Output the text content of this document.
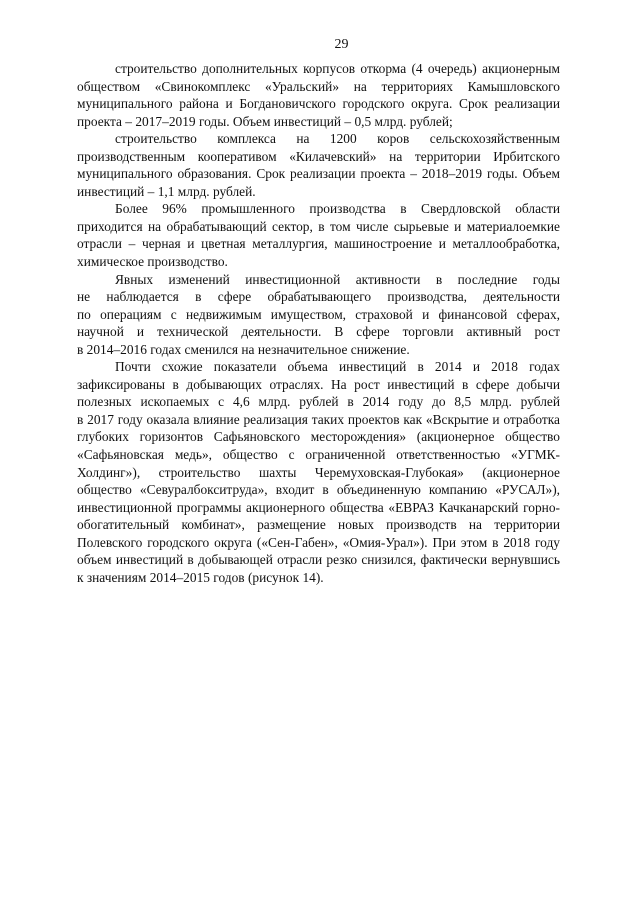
29
строительство дополнительных корпусов откорма (4 очередь) акционерным
обществом «Свинокомплекс «Уральский» на территориях Камышловского
муниципального района и Богдановичского городского округа. Срок реализации
проекта – 2017–2019 годы. Объем инвестиций – 0,5 млрд. рублей;
строительство комплекса на 1200 коров сельскохозяйственным
производственным кооперативом «Килачевский» на территории Ирбитского
муниципального образования. Срок реализации проекта – 2018–2019 годы. Объем
инвестиций – 1,1 млрд. рублей.
Более 96% промышленного производства в Свердловской области
приходится на обрабатывающий сектор, в том числе сырьевые и материалоемкие
отрасли – черная и цветная металлургия, машиностроение и металлообработка,
химическое производство.
Явных изменений инвестиционной активности в последние годы
не наблюдается в сфере обрабатывающего производства, деятельности
по операциям с недвижимым имуществом, страховой и финансовой сферах,
научной и технической деятельности. В сфере торговли активный рост
в 2014–2016 годах сменился на незначительное снижение.
Почти схожие показатели объема инвестиций в 2014 и 2018 годах
зафиксированы в добывающих отраслях. На рост инвестиций в сфере добычи
полезных ископаемых с 4,6 млрд. рублей в 2014 году до 8,5 млрд. рублей
в 2017 году оказала влияние реализация таких проектов как «Вскрытие и отработка
глубоких горизонтов Сафьяновского месторождения» (акционерное общество
«Сафьяновская медь», общество с ограниченной ответственностью «УГМК-
Холдинг»), строительство шахты Черемуховская-Глубокая» (акционерное
общество «Севуралбокситруда», входит в объединенную компанию «РУСАЛ»),
инвестиционной программы акционерного общества «ЕВРАЗ Качканарский горно-
обогатительный комбинат», размещение новых производств на территории
Полевского городского округа («Сен-Габен», «Омия-Урал»). При этом в 2018 году
объем инвестиций в добывающей отрасли резко снизился, фактически вернувшись
к значениям 2014–2015 годов (рисунок 14).
